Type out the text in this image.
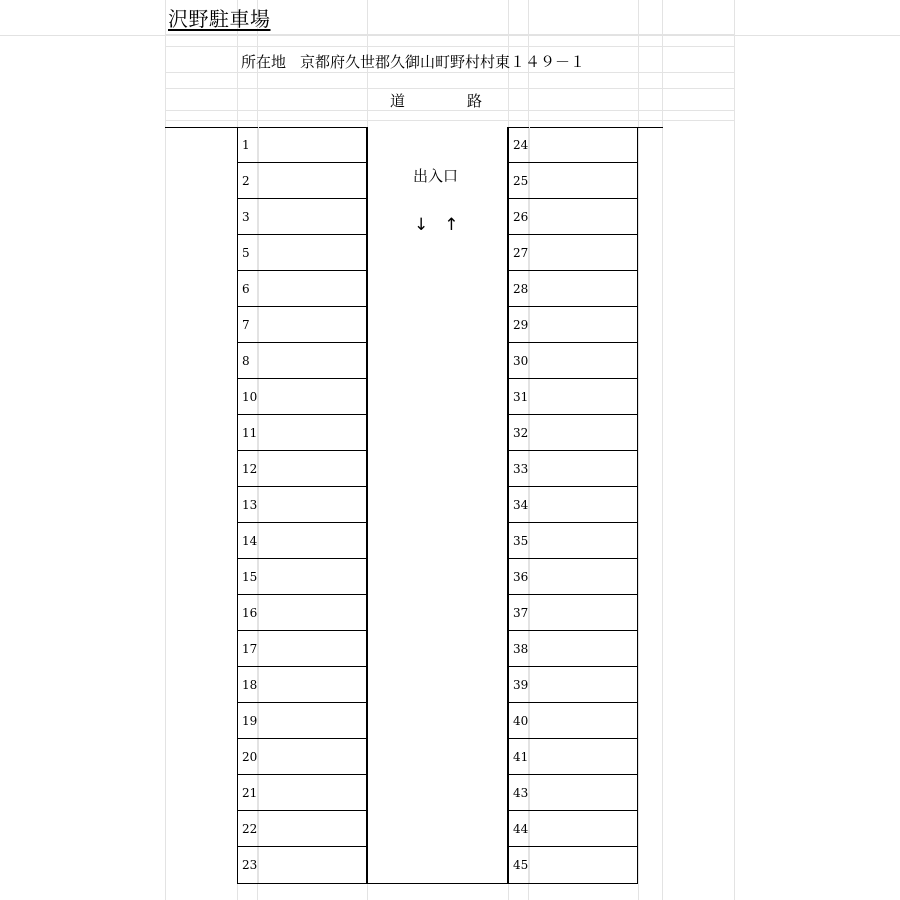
沢野駐車場
所在地 京都府久世郡久御山町野村村東１４９－１
道	路
出入口
↓ ↑
1
2
3
5
6
7
8
10
11
12
13
14
15
16
17
18
19
20
21
22
23
24
25
26
27
28
29
30
31
32
33
34
35
36
37
38
39
40
41
43
44
45
